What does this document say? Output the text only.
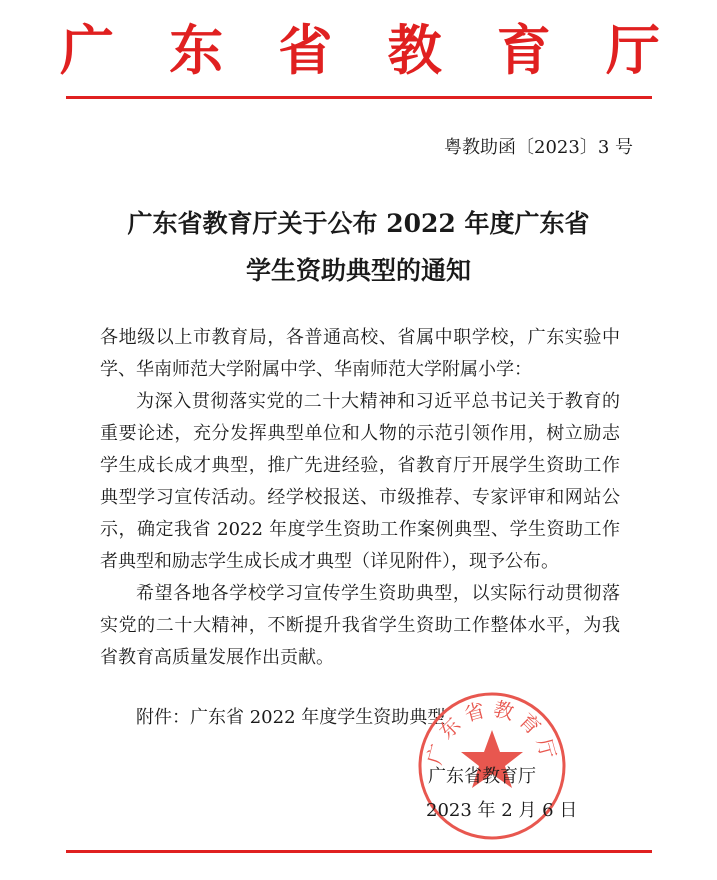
广 东 省 教 育 厅
粤教助函〔2023〕3 号
广东省教育厅关于公布 2022 年度广东省
学生资助典型的通知

各地级以上市教育局，各普通高校、省属中职学校，广东实验中学、华南师范大学附属中学、华南师范大学附属小学：

为深入贯彻落实党的二十大精神和习近平总书记关于教育的重要论述，充分发挥典型单位和人物的示范引领作用，树立励志学生成长成才典型，推广先进经验，省教育厅开展学生资助工作典型学习宣传活动。经学校报送、市级推荐、专家评审和网站公示，确定我省 2022 年度学生资助工作案例典型、学生资助工作者典型和励志学生成长成才典型（详见附件），现予公布。

希望各地各学校学习宣传学生资助典型，以实际行动贯彻落实党的二十大精神，不断提升我省学生资助工作整体水平，为我省教育高质量发展作出贡献。

附件：广东省 2022 年度学生资助典型
广东省教育厅
广东省教育厅
2023 年 2 月 6 日
